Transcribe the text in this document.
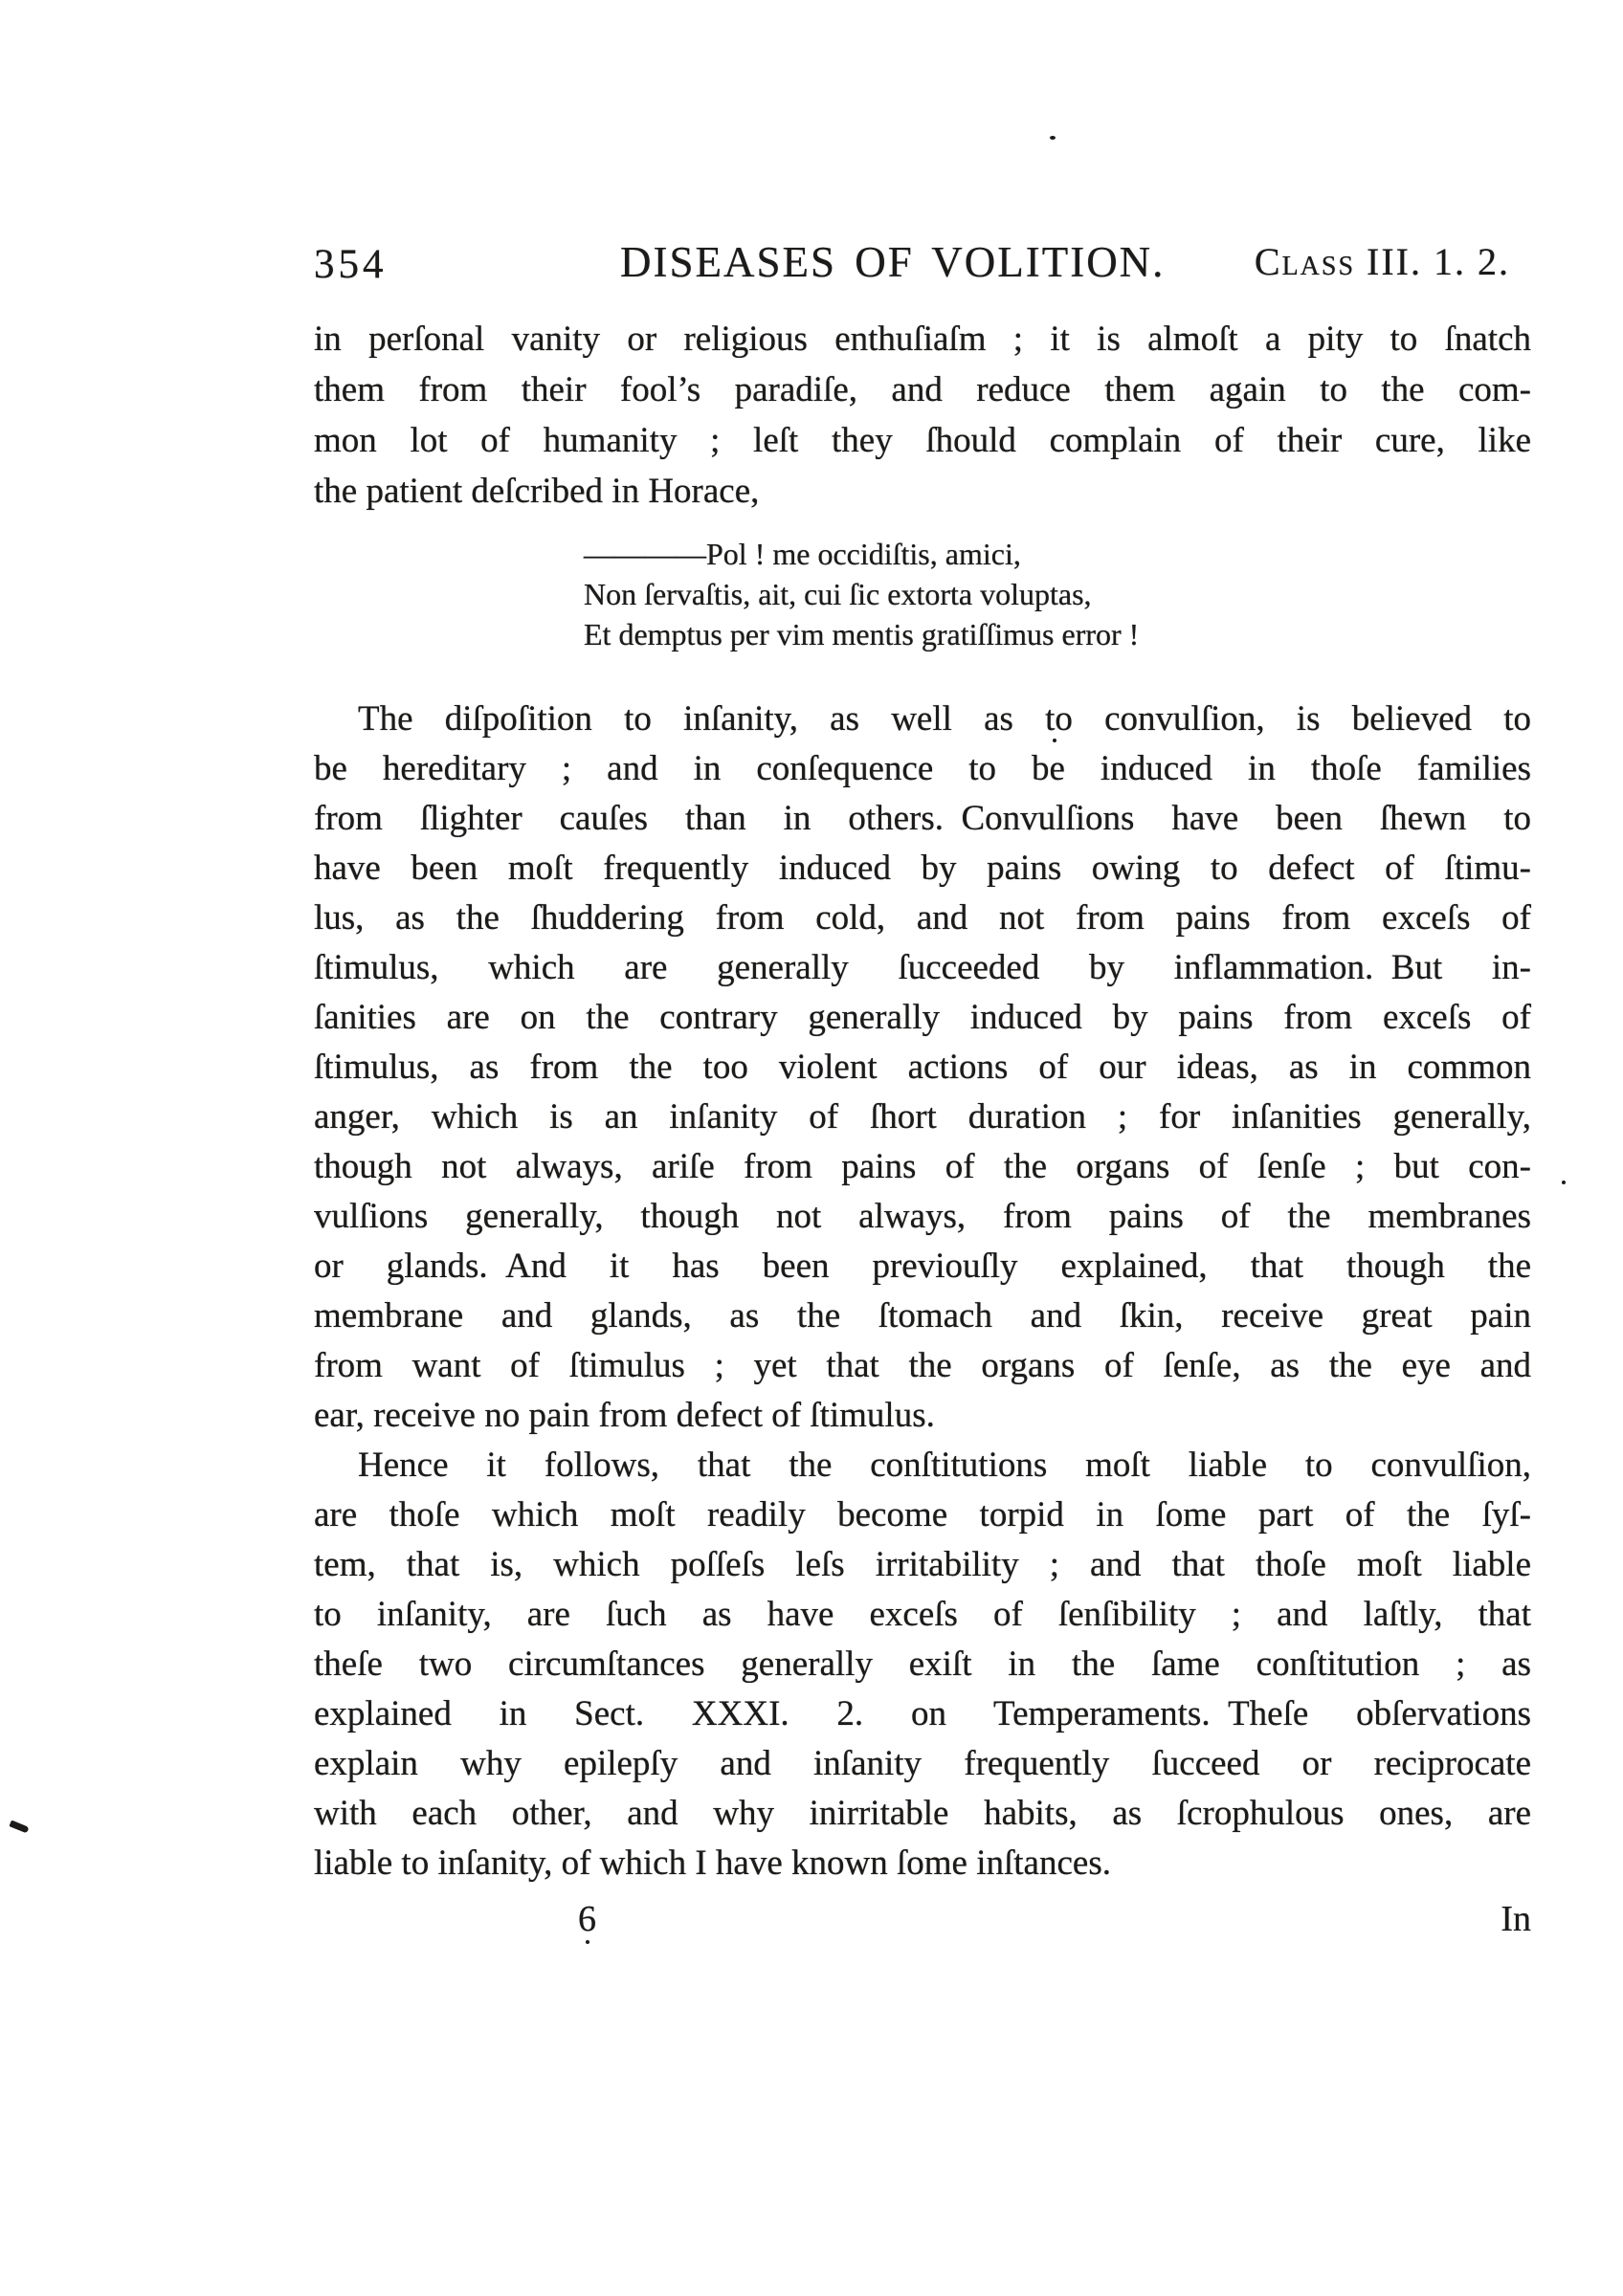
354	DISEASES OF VOLITION. Class III. 1. 2.
in perſonal vanity or religious enthuſiaſm ; it is almoſt a pity to ſnatch
them from their fool’s paradiſe, and reduce them again to the com-
mon lot of humanity ; leſt they ſhould complain of their cure, like
the patient deſcribed in Horace,
————Pol ! me occidiſtis, amici,
Non ſervaſtis, ait, cui ſic extorta voluptas,
Et demptus per vim mentis gratiſſimus error !
The diſpoſition to inſanity, as well as to convulſion, is believed to
be hereditary ; and in conſequence to be induced in thoſe families
from ſlighter cauſes than in others. Convulſions have been ſhewn to
have been moſt frequently induced by pains owing to defect of ſtimu-
lus, as the ſhuddering from cold, and not from pains from exceſs of
ſtimulus, which are generally ſucceeded by inflammation. But in-
ſanities are on the contrary generally induced by pains from exceſs of
ſtimulus, as from the too violent actions of our ideas, as in common
anger, which is an inſanity of ſhort duration ; for inſanities generally,
though not always, ariſe from pains of the organs of ſenſe ; but con-
vulſions generally, though not always, from pains of the membranes
or glands. And it has been previouſly explained, that though the
membrane and glands, as the ſtomach and ſkin, receive great pain
from want of ſtimulus ; yet that the organs of ſenſe, as the eye and
ear, receive no pain from defect of ſtimulus.
Hence it follows, that the conſtitutions moſt liable to convulſion,
are thoſe which moſt readily become torpid in ſome part of the ſyſ-
tem, that is, which poſſeſs leſs irritability ; and that thoſe moſt liable
to inſanity, are ſuch as have exceſs of ſenſibility ; and laſtly, that
theſe two circumſtances generally exiſt in the ſame conſtitution ; as
explained in Sect. XXXI. 2. on Temperaments. Theſe obſervations
explain why epilepſy and inſanity frequently ſucceed or reciprocate
with each other, and why inirritable habits, as ſcrophulous ones, are
liable to inſanity, of which I have known ſome inſtances.
6	In
